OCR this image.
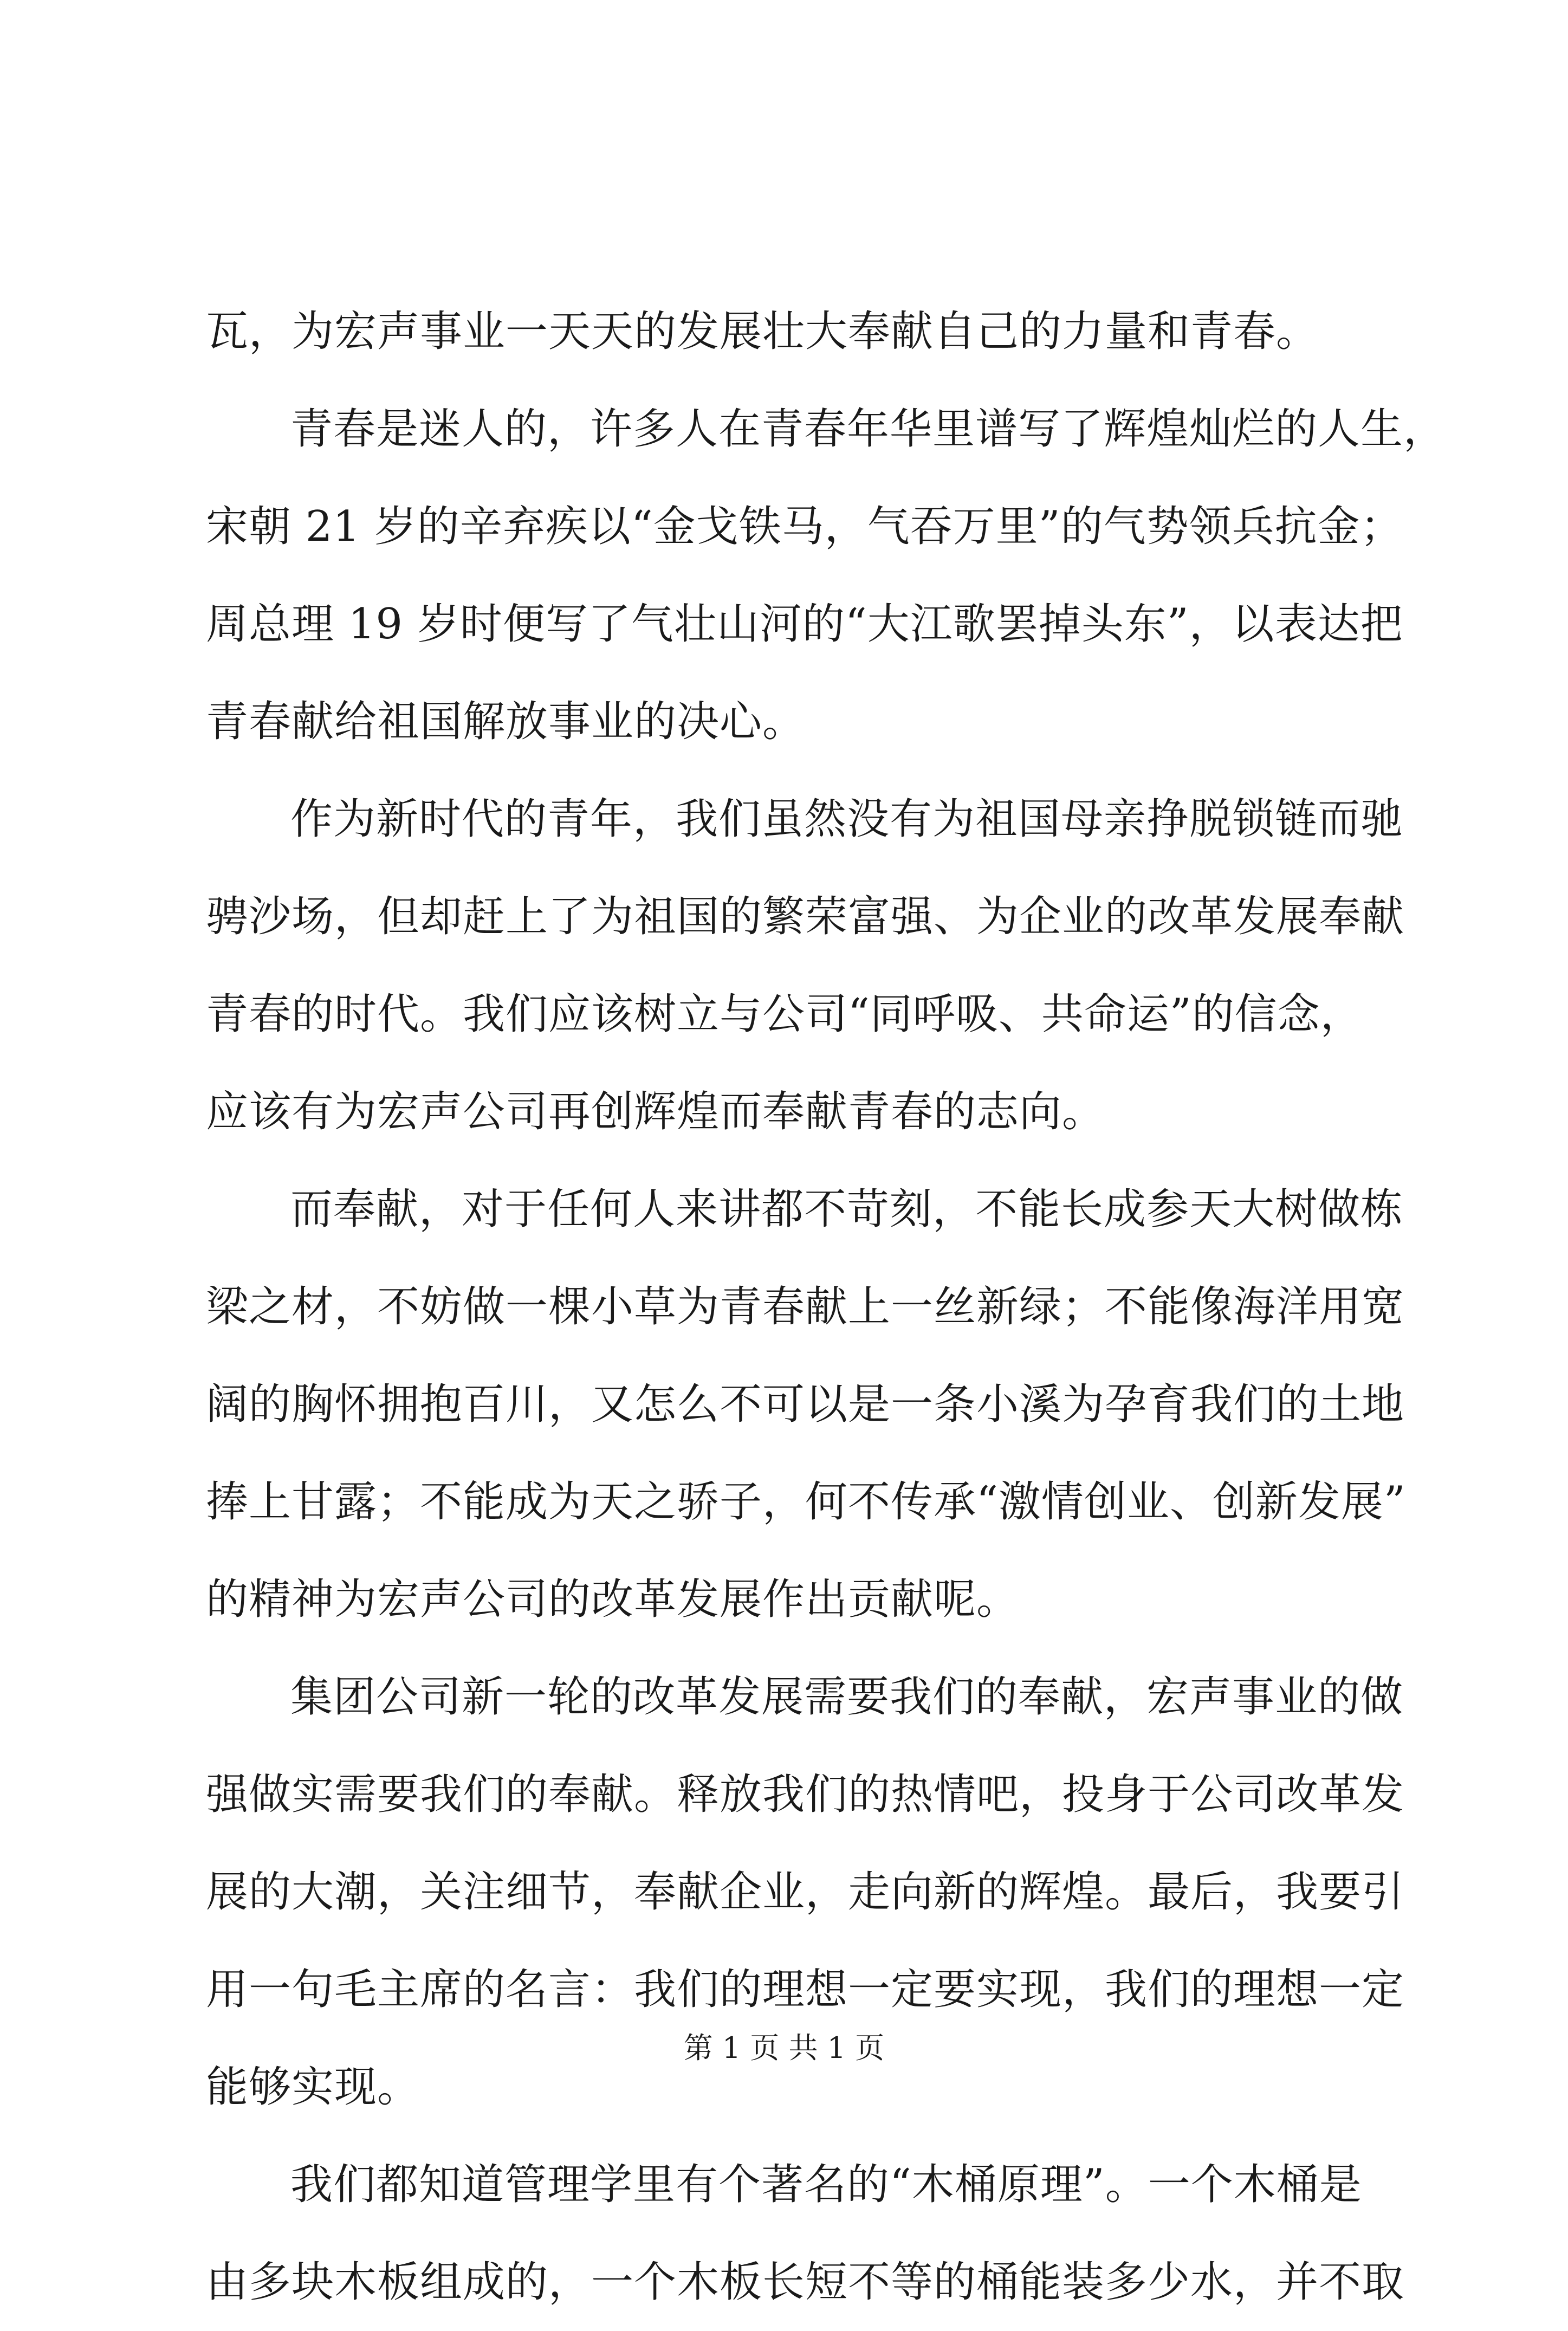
瓦，为宏声事业一天天的发展壮大奉献自己的力量和青春。
青春是迷人的，许多人在青春年华里谱写了辉煌灿烂的人生，
宋朝 21 岁的辛弃疾以“金戈铁马，气吞万里”的气势领兵抗金；
周总理 19 岁时便写了气壮山河的“大江歌罢掉头东”，以表达把
青春献给祖国解放事业的决心。
作为新时代的青年，我们虽然没有为祖国母亲挣脱锁链而驰
骋沙场，但却赶上了为祖国的繁荣富强、为企业的改革发展奉献
青春的时代。我们应该树立与公司“同呼吸、共命运”的信念，
应该有为宏声公司再创辉煌而奉献青春的志向。
而奉献，对于任何人来讲都不苛刻，不能长成参天大树做栋
梁之材，不妨做一棵小草为青春献上一丝新绿；不能像海洋用宽
阔的胸怀拥抱百川，又怎么不可以是一条小溪为孕育我们的土地
捧上甘露；不能成为天之骄子，何不传承“激情创业、创新发展”
的精神为宏声公司的改革发展作出贡献呢。
集团公司新一轮的改革发展需要我们的奉献，宏声事业的做
强做实需要我们的奉献。释放我们的热情吧，投身于公司改革发
展的大潮，关注细节，奉献企业，走向新的辉煌。最后，我要引
用一句毛主席的名言：我们的理想一定要实现，我们的理想一定
能够实现。
我们都知道管理学里有个著名的“木桶原理”。一个木桶是
由多块木板组成的，一个木板长短不等的桶能装多少水，并不取
第 1 页 共 1 页
